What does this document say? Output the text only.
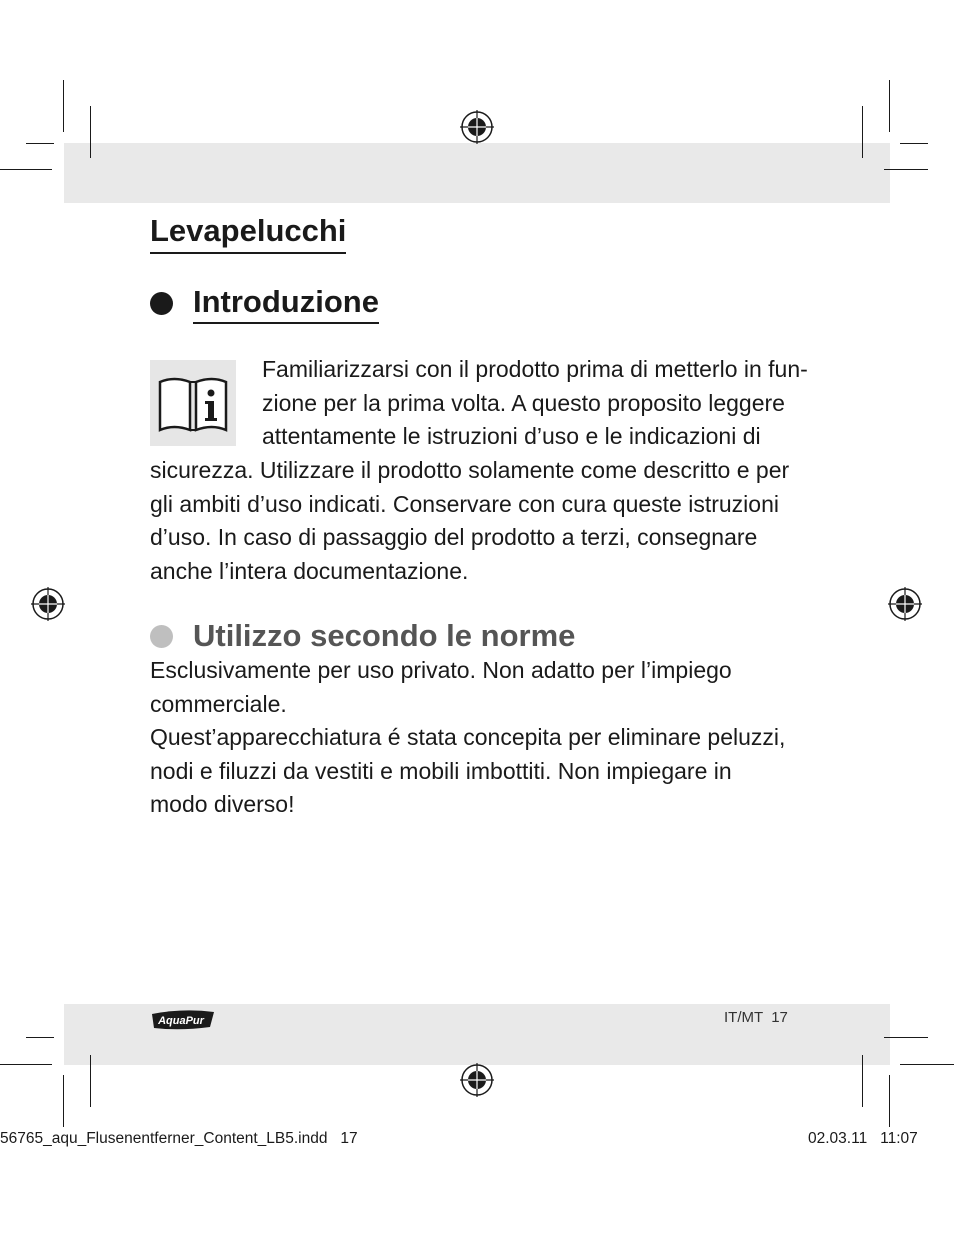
Levapelucchi
Introduzione
Familiarizzarsi con il prodotto prima di metterlo in fun-
zione per la prima volta. A questo proposito leggere
attentamente le istruzioni d’uso e le indicazioni di
sicurezza. Utilizzare il prodotto solamente come descritto e per
gli ambiti d’uso indicati. Conservare con cura queste istruzioni
d’uso. In caso di passaggio del prodotto a terzi, consegnare
anche l’intera documentazione.
Utilizzo secondo le norme
Esclusivamente per uso privato. Non adatto per l’impiego
commerciale.
Quest’apparecchiatura é stata concepita per eliminare peluzzi,
nodi e filuzzi da vestiti e mobili imbottiti. Non impiegare in
modo diverso!
AquaPur	IT/MT  17
56765_aqu_Flusenentferner_Content_LB5.indd   17	02.03.11   11:07
